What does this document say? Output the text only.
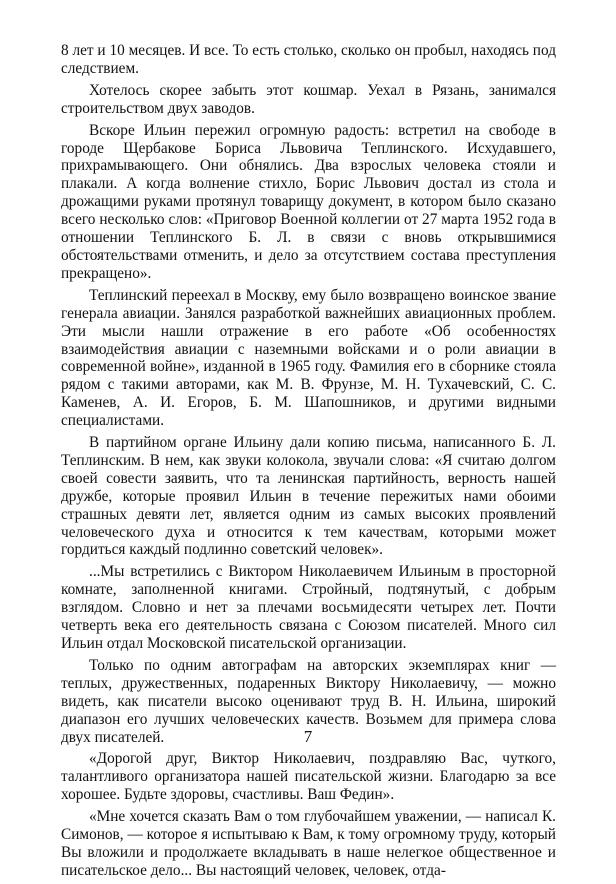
8 лет и 10 месяцев. И все. То есть столько, сколько он пробыл, находясь под следствием.

Хотелось скорее забыть этот кошмар. Уехал в Рязань, занимался строительством двух заводов.

Вскоре Ильин пережил огромную радость: встретил на свободе в городе Щербакове Бориса Львовича Теплинского. Исхудавшего, прихрамывающего. Они обнялись. Два взрослых человека стояли и плакали. А когда волнение стихло, Борис Львович достал из стола и дрожащими руками протянул товарищу документ, в котором было сказано всего несколько слов: «Приговор Военной коллегии от 27 марта 1952 года в отношении Теплинского Б. Л. в связи с вновь открывшимися обстоятельствами отменить, и дело за отсутствием состава преступления прекращено».

Теплинский переехал в Москву, ему было возвращено воинское звание генерала авиации. Занялся разработкой важнейших авиационных проблем. Эти мысли нашли отражение в его работе «Об особенностях взаимодействия авиации с наземными войсками и о роли авиации в современной войне», изданной в 1965 году. Фамилия его в сборнике стояла рядом с такими авторами, как М. В. Фрунзе, М. Н. Тухачевский, С. С. Каменев, А. И. Егоров, Б. М. Шапошников, и другими видными специалистами.

В партийном органе Ильину дали копию письма, написанного Б. Л. Теплинским. В нем, как звуки колокола, звучали слова: «Я считаю долгом своей совести заявить, что та ленинская партийность, верность нашей дружбе, которые проявил Ильин в течение пережитых нами обоими страшных девяти лет, является одним из самых высоких проявлений человеческого духа и относится к тем качествам, которыми может гордиться каждый подлинно советский человек».

...Мы встретились с Виктором Николаевичем Ильиным в просторной комнате, заполненной книгами. Стройный, подтянутый, с добрым взглядом. Словно и нет за плечами восьмидесяти четырех лет. Почти четверть века его деятельность связана с Союзом писателей. Много сил Ильин отдал Московской писательской организации.

Только по одним автографам на авторских экземплярах книг — теплых, дружественных, подаренных Виктору Николаевичу, — можно видеть, как писатели высоко оценивают труд В. Н. Ильина, широкий диапазон его лучших человеческих качеств. Возьмем для примера слова двух писателей.

«Дорогой друг, Виктор Николаевич, поздравляю Вас, чуткого, талантливого организатора нашей писательской жизни. Благодарю за все хорошее. Будьте здоровы, счастливы. Ваш Федин».

«Мне хочется сказать Вам о том глубочайшем уважении, — написал К. Симонов, — которое я испытываю к Вам, к тому огромному труду, который Вы вложили и продолжаете вкладывать в наше нелегкое общественное и писательское дело... Вы настоящий человек, человек, отда-

7
